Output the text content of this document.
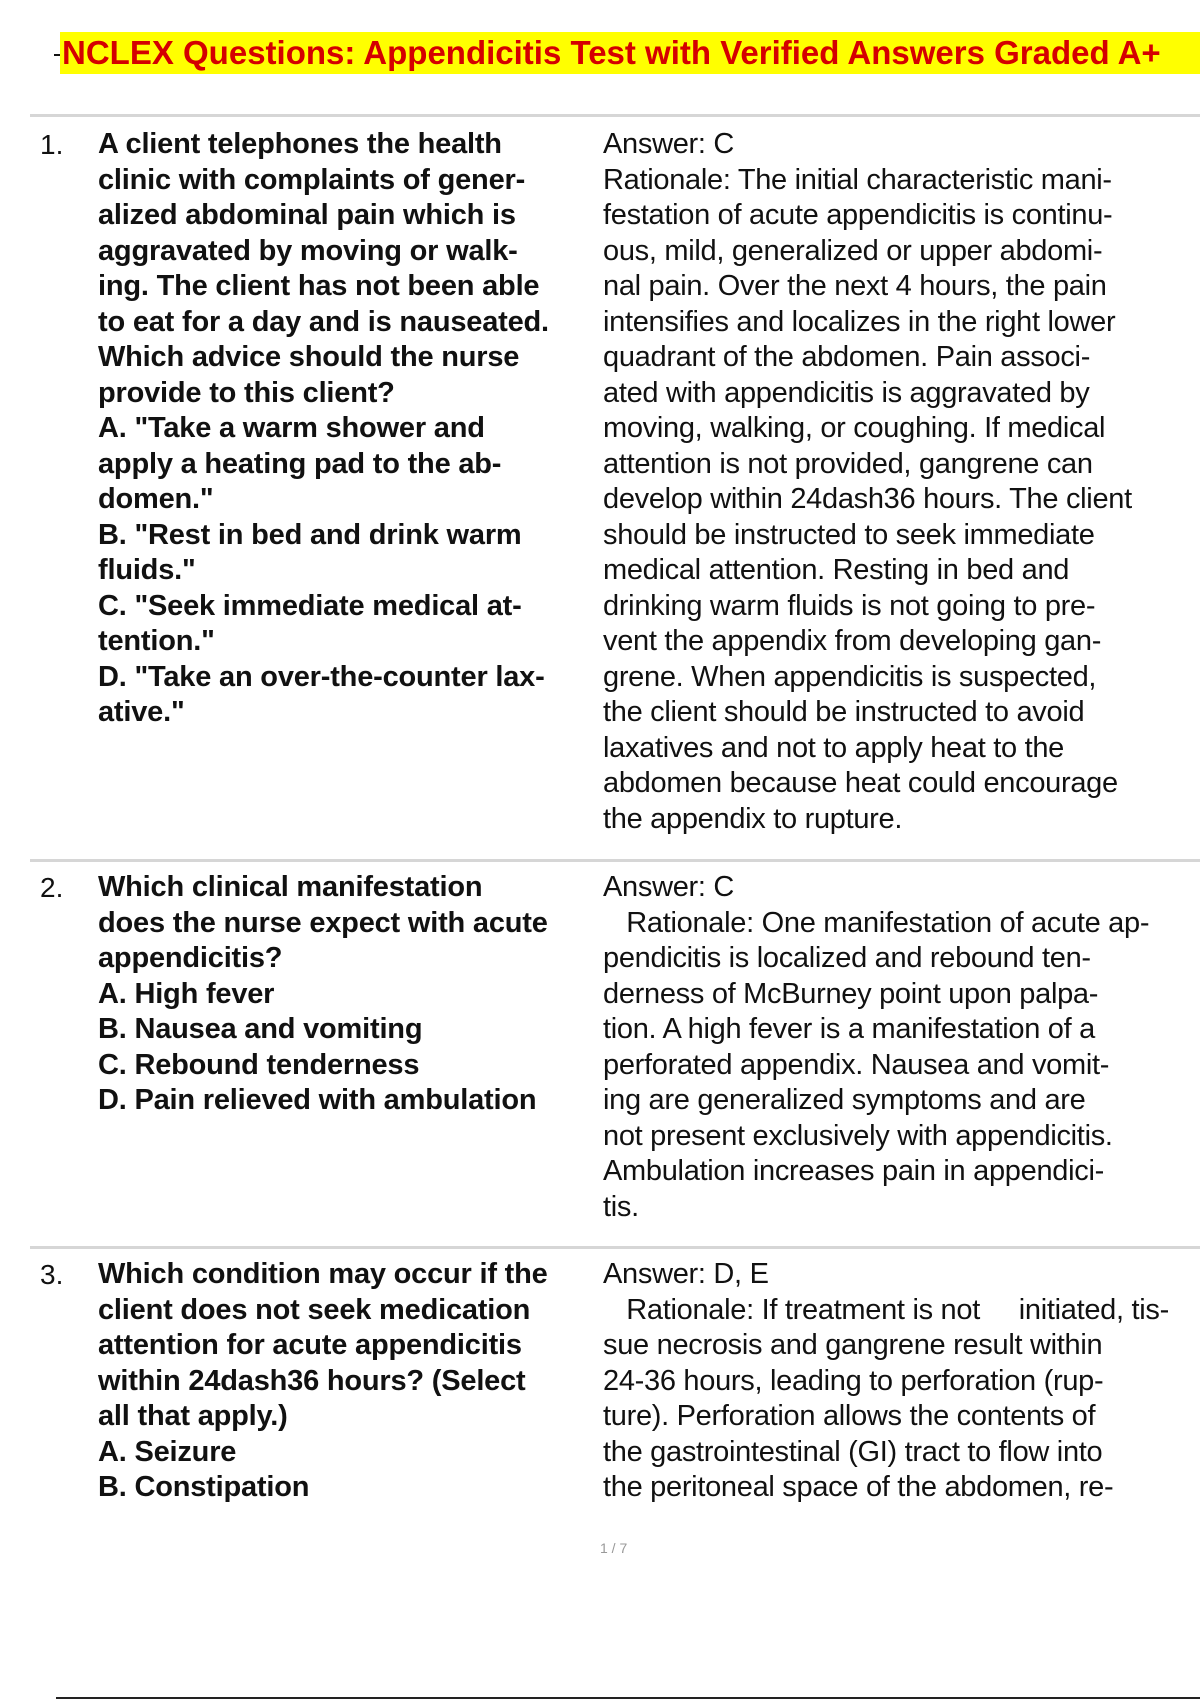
NCLEX Questions: Appendicitis Test with Verified Answers Graded A+
1. A client telephones the health
clinic with complaints of gener-
alized abdominal pain which is
aggravated by moving or walk-
ing. The client has not been able
to eat for a day and is nauseated.
Which advice should the nurse
provide to this client?
A. "Take a warm shower and
apply a heating pad to the ab-
domen."
B. "Rest in bed and drink warm
fluids."
C. "Seek immediate medical at-
tention."
D. "Take an over-the-counter lax-
ative."
Answer: C
Rationale: The initial characteristic mani-
festation of acute appendicitis is continu-
ous, mild, generalized or upper abdomi-
nal pain. Over the next 4 hours, the pain
intensifies and localizes in the right lower
quadrant of the abdomen. Pain associ-
ated with appendicitis is aggravated by
moving, walking, or coughing. If medical
attention is not provided, gangrene can
develop within 24dash36 hours. The client
should be instructed to seek immediate
medical attention. Resting in bed and
drinking warm fluids is not going to pre-
vent the appendix from developing gan-
grene. When appendicitis is suspected,
the client should be instructed to avoid
laxatives and not to apply heat to the
abdomen because heat could encourage
the appendix to rupture.
2. Which clinical manifestation
does the nurse expect with acute
appendicitis?
A. High fever
B. Nausea and vomiting
C. Rebound tenderness
D. Pain relieved with ambulation
Answer: C
Rationale: One manifestation of acute ap-
pendicitis is localized and rebound ten-
derness of McBurney point upon palpa-
tion. A high fever is a manifestation of a
perforated appendix. Nausea and vomit-
ing are generalized symptoms and are
not present exclusively with appendicitis.
Ambulation increases pain in appendici-
tis.
3. Which condition may occur if the
client does not seek medication
attention for acute appendicitis
within 24dash36 hours? (Select
all that apply.)
A. Seizure
B. Constipation
Answer: D, E
Rationale: If treatment is not     initiated, tis-
sue necrosis and gangrene result within
24-36 hours, leading to perforation (rup-
ture). Perforation allows the contents of
the gastrointestinal (GI) tract to flow into
the peritoneal space of the abdomen, re-
1 / 7
